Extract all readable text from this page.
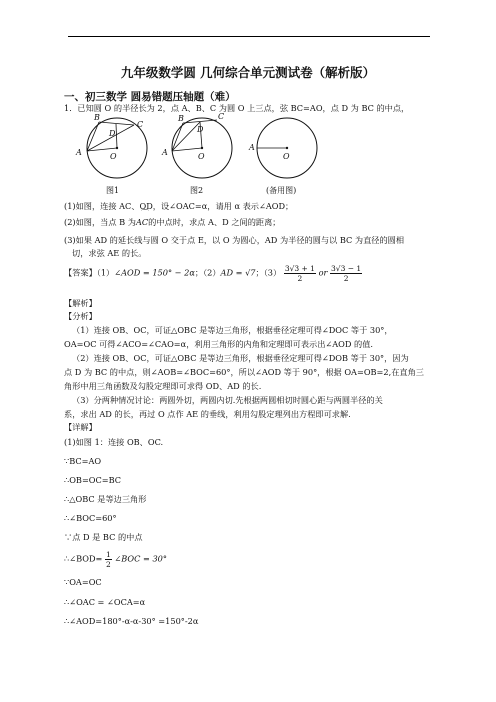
九年级数学圆 几何综合单元测试卷（解析版）
一、初三数学 圆易错题压轴题（难）
1．已知圆 O 的半径长为 2，点 A、B、C 为圆 O 上三点，弦 BC=AO，点 D 为 BC 的中点，
B
C
D
A	O
B	C
D
A	O
A
O
图1	图2	(备用图)
(1)如图，连接 AC、OD，设∠OAC=α，请用 α 表示∠AOD；
(2)如图，当点 B 为
⌒
AC的中点时，求点 A、D 之间的距离；
(3)如果 AD 的延长线与圆 O 交于点 E，以 O 为圆心，AD 为半径的圆与以 BC 为直径的圆相
切，求弦 AE 的长。
【答案】（1）∠AOD = 150° − 2α；（2）AD = √7；$(3) \frac{3√3 + 1}{2}$ or $\frac{3√3 - 1}{2}$
【解析】
【分析】
（1）连接 OB、OC，可证△OBC 是等边三角形，根据垂径定理可得∠DOC 等于 30°，
OA=OC 可得∠ACO=∠CAO=α，利用三角形的内角和定理即可表示出∠AOD 的值.
（2）连接 OB、OC，可证△OBC 是等边三角形，根据垂径定理可得∠DOB 等于 30°，因为
点 D 为 BC 的中点，则∠AOB=∠BOC=60°，所以∠AOD 等于 90°，根据 OA=OB=2,在直角三
角形中用三角函数及勾股定理即可求得 OD、AD 的长.
（3）分两种情况讨论：两圆外切，两圆内切.先根据两圆相切时圆心距与两圆半径的关
系，求出 AD 的长，再过 O 点作 AE 的垂线，利用勾股定理列出方程即可求解.
【详解】
(1)如图 1：连接 OB、OC.
∵BC=AO
∴OB=OC=BC
∴△OBC 是等边三角形
∴∠BOC=60°
∵点 D 是 BC 的中点
∴∠BOD= $\frac{1}{2}$ ∠BOC = 30°
∵OA=OC
∴∠OAC = ∠OCA=α
∴∠AOD=180°-α-α-30° =150°-2α
